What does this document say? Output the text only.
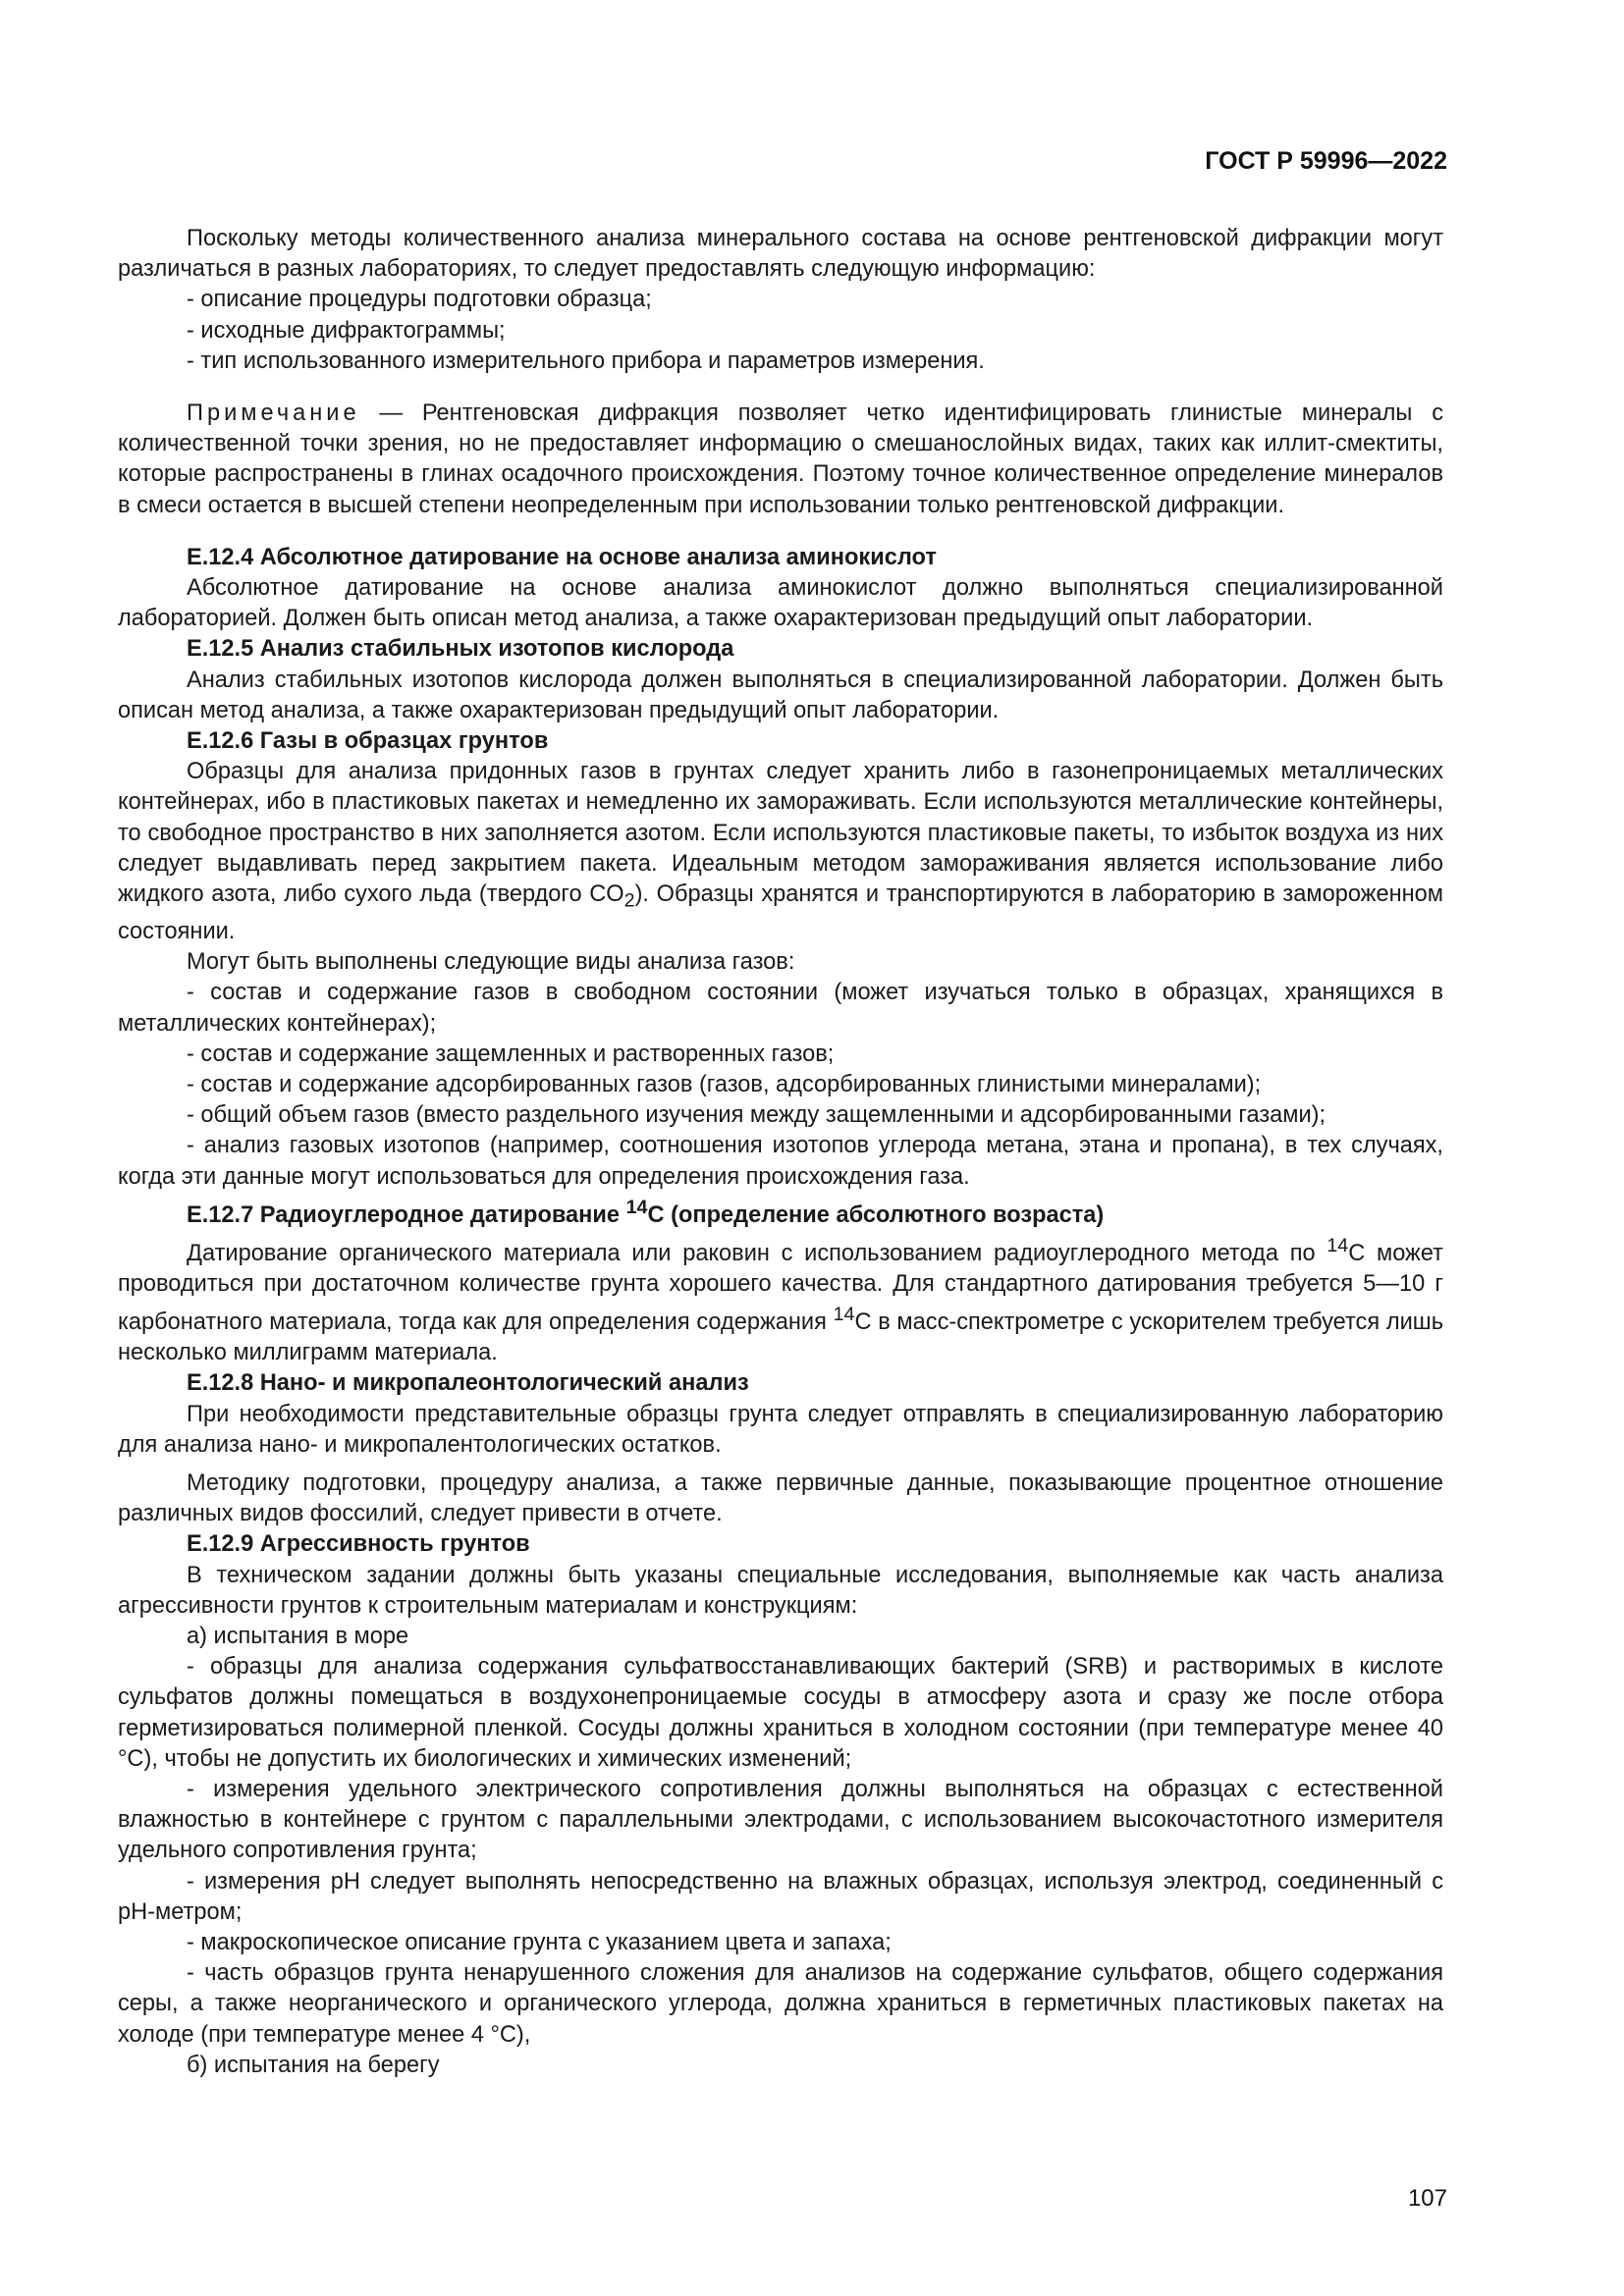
ГОСТ Р 59996—2022

Поскольку методы количественного анализа минерального состава на основе рентгеновской дифракции могут различаться в разных лабораториях, то следует предоставлять следующую информацию:

- описание процедуры подготовки образца;

- исходные дифрактограммы;

- тип использованного измерительного прибора и параметров измерения.

Примечание — Рентгеновская дифракция позволяет четко идентифицировать глинистые минералы с количественной точки зрения, но не предоставляет информацию о смешанослойных видах, таких как иллит-смектиты, которые распространены в глинах осадочного происхождения. Поэтому точное количественное определение минералов в смеси остается в высшей степени неопределенным при использовании только рентгеновской дифракции.

Е.12.4 Абсолютное датирование на основе анализа аминокислот

Абсолютное датирование на основе анализа аминокислот должно выполняться специализированной лабораторией. Должен быть описан метод анализа, а также охарактеризован предыдущий опыт лаборатории.

Е.12.5 Анализ стабильных изотопов кислорода

Анализ стабильных изотопов кислорода должен выполняться в специализированной лаборатории. Должен быть описан метод анализа, а также охарактеризован предыдущий опыт лаборатории.

Е.12.6 Газы в образцах грунтов

Образцы для анализа придонных газов в грунтах следует хранить либо в газонепроницаемых металлических контейнерах, ибо в пластиковых пакетах и немедленно их замораживать. Если используются металлические контейнеры, то свободное пространство в них заполняется азотом. Если используются пластиковые пакеты, то избыток воздуха из них следует выдавливать перед закрытием пакета. Идеальным методом замораживания является использование либо жидкого азота, либо сухого льда (твердого $CO_2$). Образцы хранятся и транспортируются в лабораторию в замороженном состоянии.

Могут быть выполнены следующие виды анализа газов:

- состав и содержание газов в свободном состоянии (может изучаться только в образцах, хранящихся в металлических контейнерах);

- состав и содержание защемленных и растворенных газов;

- состав и содержание адсорбированных газов (газов, адсорбированных глинистыми минералами);

- общий объем газов (вместо раздельного изучения между защемленными и адсорбированными газами);

- анализ газовых изотопов (например, соотношения изотопов углерода метана, этана и пропана), в тех случаях, когда эти данные могут использоваться для определения происхождения газа.

Е.12.7 Радиоуглеродное датирование $^{14}$С (определение абсолютного возраста)

Датирование органического материала или раковин с использованием радиоуглеродного метода по $^{14}$С может проводиться при достаточном количестве грунта хорошего качества. Для стандартного датирования требуется 5—10 г карбонатного материала, тогда как для определения содержания $^{14}$С в масс-спектрометре с ускорителем требуется лишь несколько миллиграмм материала.

Е.12.8 Нано- и микропалеонтологический анализ

При необходимости представительные образцы грунта следует отправлять в специализированную лабораторию для анализа нано- и микропалентологических остатков.

Методику подготовки, процедуру анализа, а также первичные данные, показывающие процентное отношение различных видов фоссилий, следует привести в отчете.

Е.12.9 Агрессивность грунтов

В техническом задании должны быть указаны специальные исследования, выполняемые как часть анализа агрессивности грунтов к строительным материалам и конструкциям:

а) испытания в море

- образцы для анализа содержания сульфатвосстанавливающих бактерий (SRB) и растворимых в кислоте сульфатов должны помещаться в воздухонепроницаемые сосуды в атмосферу азота и сразу же после отбора герметизироваться полимерной пленкой. Сосуды должны храниться в холодном состоянии (при температуре менее 40 °С), чтобы не допустить их биологических и химических изменений;

- измерения удельного электрического сопротивления должны выполняться на образцах с естественной влажностью в контейнере с грунтом с параллельными электродами, с использованием высокочастотного измерителя удельного сопротивления грунта;

- измерения рН следует выполнять непосредственно на влажных образцах, используя электрод, соединенный с рН-метром;

- макроскопическое описание грунта с указанием цвета и запаха;

- часть образцов грунта ненарушенного сложения для анализов на содержание сульфатов, общего содержания серы, а также неорганического и органического углерода, должна храниться в герметичных пластиковых пакетах на холоде (при температуре менее 4 °С),

б) испытания на берегу

107
